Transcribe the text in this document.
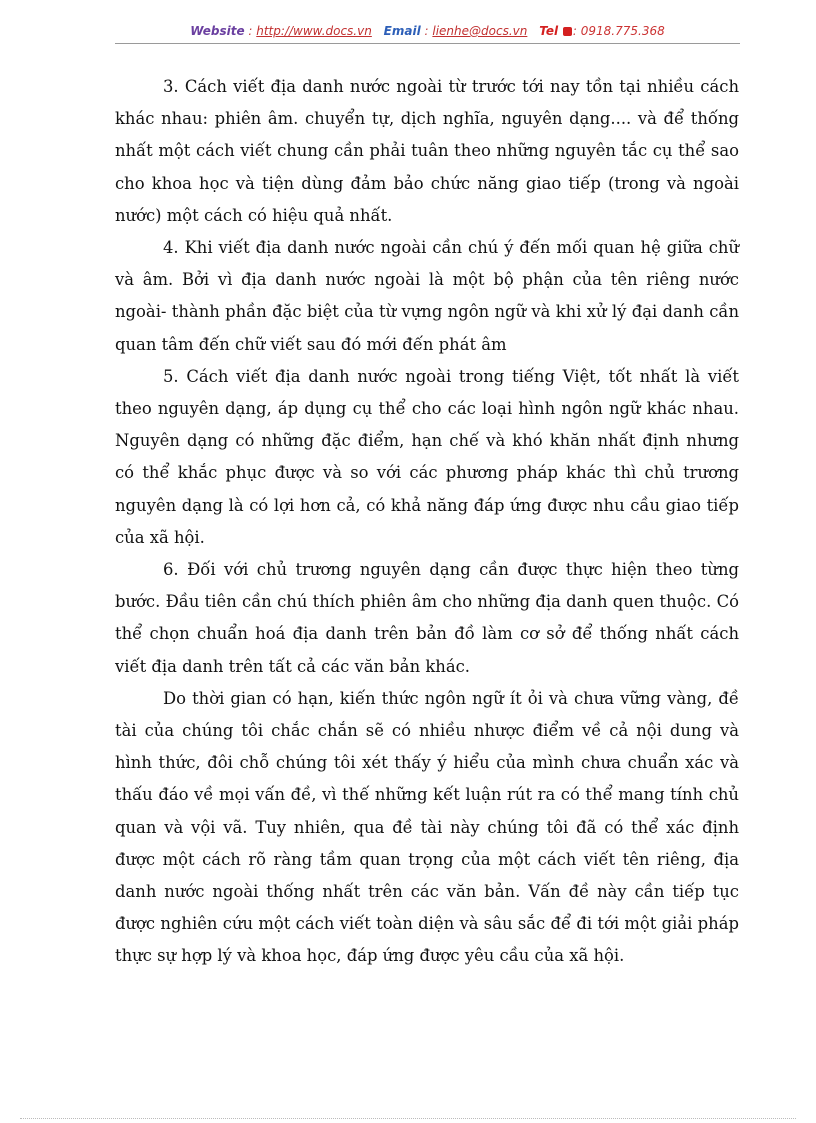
Website : http://www.docs.vn Email : lienhe@docs.vn Tel : 0918.775.368

3. Cách viết địa danh nước ngoài từ trước tới nay tồn tại nhiều cách khác nhau: phiên âm. chuyển tự, dịch nghĩa, nguyên dạng.... và để thống nhất một cách viết chung cần phải tuân theo những nguyên tắc cụ thể sao cho khoa học và tiện dùng đảm bảo chức năng giao tiếp (trong và ngoài nước) một cách có hiệu quả nhất.

4. Khi viết địa danh nước ngoài cần chú ý đến mối quan hệ giữa chữ và âm. Bởi vì địa danh nước ngoài là một bộ phận của tên riêng nước ngoài- thành phần đặc biệt của từ vựng ngôn ngữ và khi xử lý đại danh cần quan tâm đến chữ viết sau đó mới đến phát âm

5. Cách viết địa danh nước ngoài trong tiếng Việt, tốt nhất là viết theo nguyên dạng, áp dụng cụ thể cho các loại hình ngôn ngữ khác nhau. Nguyên dạng có những đặc điểm, hạn chế và khó khăn nhất định nhưng có thể khắc phục được và so với các phương pháp khác thì chủ trương nguyên dạng là có lợi hơn cả, có khả năng đáp ứng được nhu cầu giao tiếp của xã hội.

6. Đối với chủ trương nguyên dạng cần được thực hiện theo từng bước. Đầu tiên cần chú thích phiên âm cho những địa danh quen thuộc. Có thể chọn chuẩn hoá địa danh trên bản đồ làm cơ sở để thống nhất cách viết địa danh trên tất cả các văn bản khác.

Do thời gian có hạn, kiến thức ngôn ngữ ít ỏi và chưa vững vàng, đề tài của chúng tôi chắc chắn sẽ có nhiều nhược điểm về cả nội dung và hình thức, đôi chỗ chúng tôi xét thấy ý hiểu của mình chưa chuẩn xác và thấu đáo về mọi vấn đề, vì thế những kết luận rút ra có thể mang tính chủ quan và vội vã. Tuy nhiên, qua đề tài này chúng tôi đã có thể xác định được một cách rõ ràng tầm quan trọng của một cách viết tên riêng, địa danh nước ngoài thống nhất trên các văn bản. Vấn đề này cần tiếp tục được nghiên cứu một cách viết toàn diện và sâu sắc để đi tới một giải pháp thực sự hợp lý và khoa học, đáp ứng được yêu cầu của xã hội.
